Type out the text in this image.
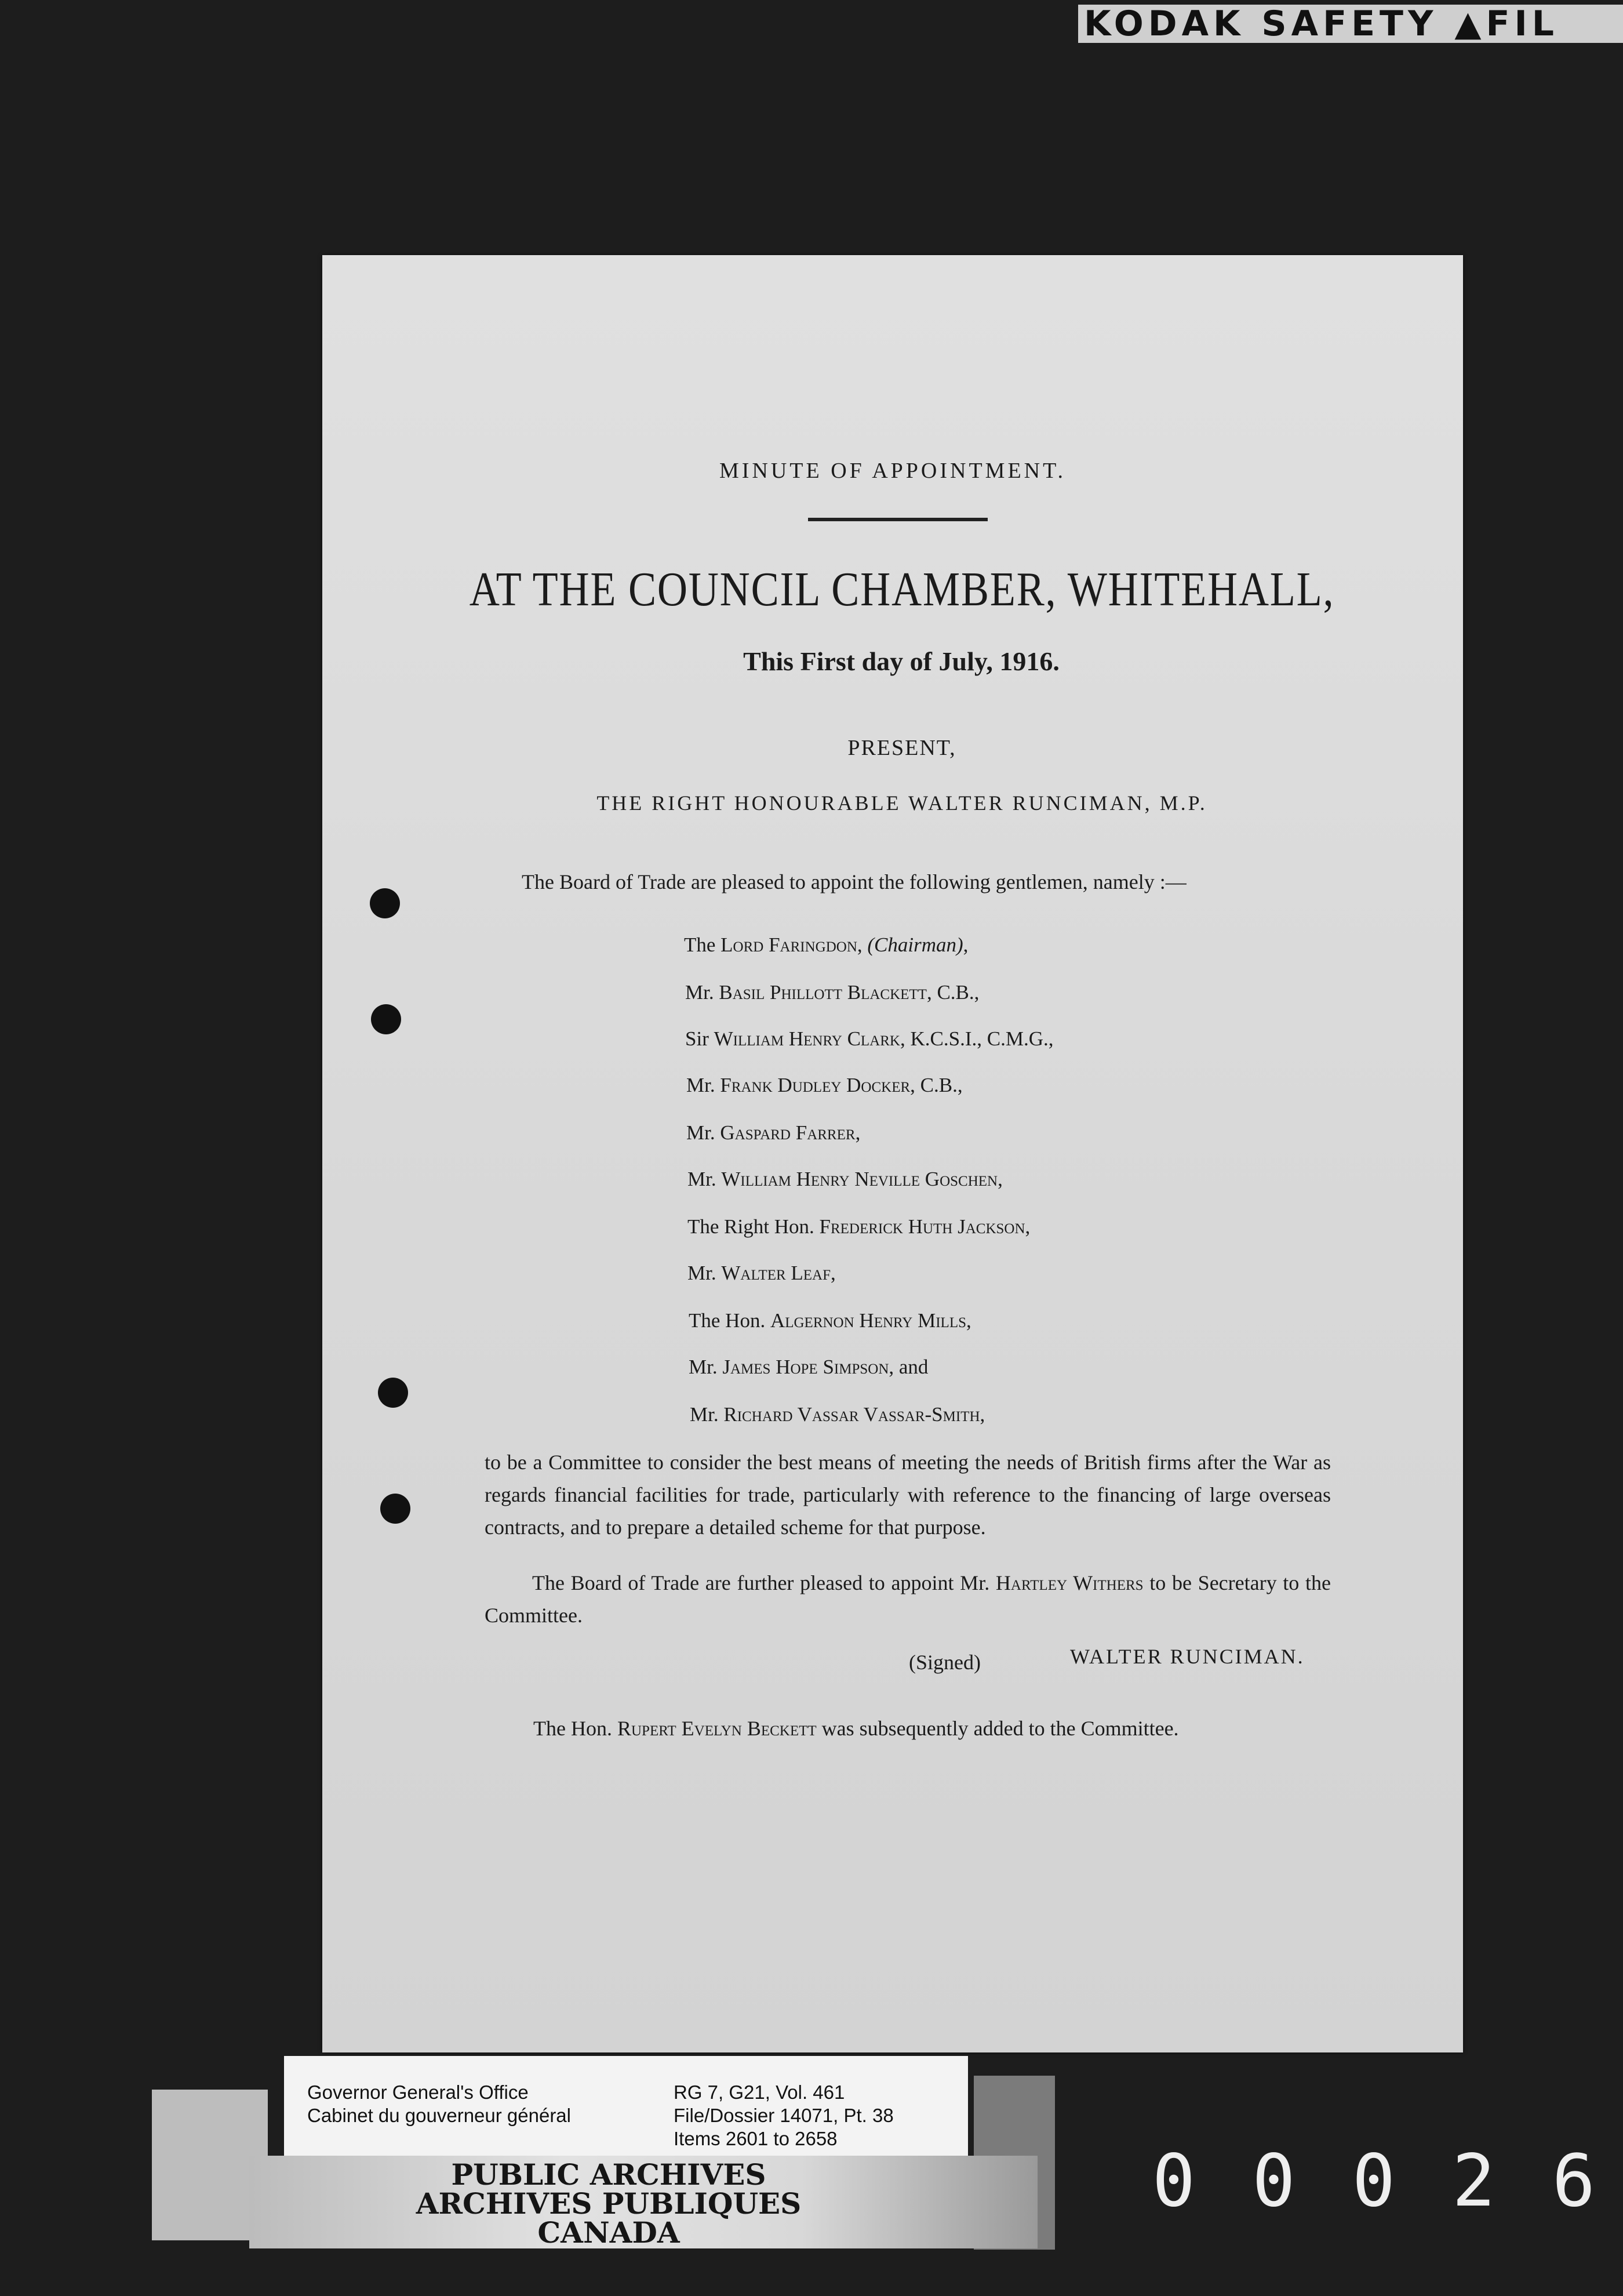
KODAK SAFETY ▲FIL
MINUTE OF APPOINTMENT.
AT THE COUNCIL CHAMBER, WHITEHALL,
This First day of July, 1916.
PRESENT,
THE RIGHT HONOURABLE WALTER RUNCIMAN, M.P.
The Board of Trade are pleased to appoint the following gentlemen, namely :—
The Lord Faringdon, (Chairman),
Mr. Basil Phillott Blackett, C.B.,
Sir William Henry Clark, K.C.S.I., C.M.G.,
Mr. Frank Dudley Docker, C.B.,
Mr. Gaspard Farrer,
Mr. William Henry Neville Goschen,
The Right Hon. Frederick Huth Jackson,
Mr. Walter Leaf,
The Hon. Algernon Henry Mills,
Mr. James Hope Simpson, and
Mr. Richard Vassar Vassar-Smith,
to be a Committee to consider the best means of meeting the needs of British firms after the War as regards financial facilities for trade, particularly with reference to the financing of large overseas contracts, and to prepare a detailed scheme for that purpose.
The Board of Trade are further pleased to appoint Mr. Hartley Withers to be Secretary to the Committee.
(Signed)	WALTER RUNCIMAN.
The Hon. Rupert Evelyn Beckett was subsequently added to the Committee.
Governor General's Office
Cabinet du gouverneur général
RG 7, G21, Vol. 461
File/Dossier 14071, Pt. 38
Items 2601 to 2658
PUBLIC ARCHIVES
ARCHIVES PUBLIQUES
CANADA
0 0 0 2 6
